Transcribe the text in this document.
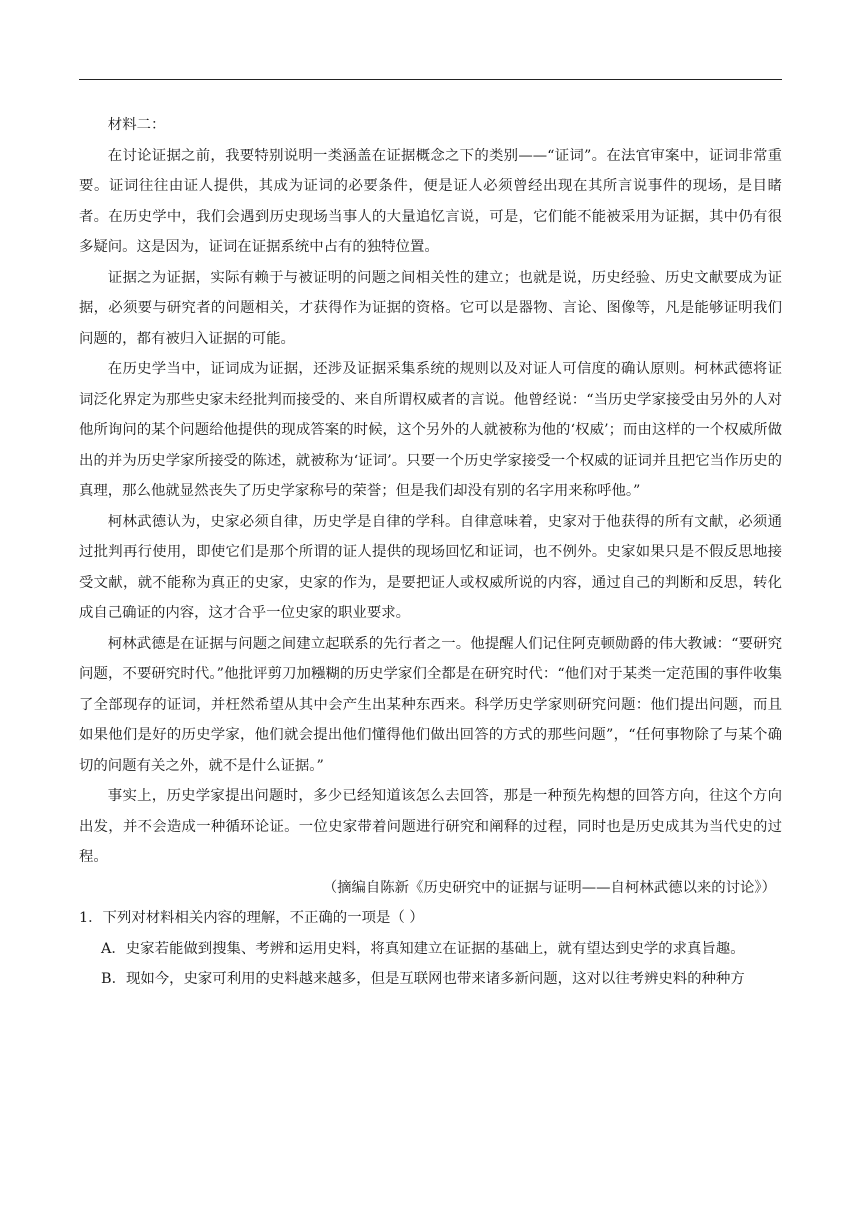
材料二：

在讨论证据之前，我要特别说明一类涵盖在证据概念之下的类别——“证词”。在法官审案中，证词非常重要。证词往往由证人提供，其成为证词的必要条件，便是证人必须曾经出现在其所言说事件的现场，是目睹者。在历史学中，我们会遇到历史现场当事人的大量追忆言说，可是，它们能不能被采用为证据，其中仍有很多疑问。这是因为，证词在证据系统中占有的独特位置。

证据之为证据，实际有赖于与被证明的问题之间相关性的建立；也就是说，历史经验、历史文献要成为证据，必须要与研究者的问题相关，才获得作为证据的资格。它可以是器物、言论、图像等，凡是能够证明我们问题的，都有被归入证据的可能。

在历史学当中，证词成为证据，还涉及证据采集系统的规则以及对证人可信度的确认原则。柯林武德将证词泛化界定为那些史家未经批判而接受的、来自所谓权威者的言说。他曾经说：“当历史学家接受由另外的人对他所询问的某个问题给他提供的现成答案的时候，这个另外的人就被称为他的‘权威’；而由这样的一个权威所做出的并为历史学家所接受的陈述，就被称为‘证词’。只要一个历史学家接受一个权威的证词并且把它当作历史的真理，那么他就显然丧失了历史学家称号的荣誉；但是我们却没有别的名字用来称呼他。”

柯林武德认为，史家必须自律，历史学是自律的学科。自律意味着，史家对于他获得的所有文献，必须通过批判再行使用，即使它们是那个所谓的证人提供的现场回忆和证词，也不例外。史家如果只是不假反思地接受文献，就不能称为真正的史家，史家的作为，是要把证人或权威所说的内容，通过自己的判断和反思，转化成自己确证的内容，这才合乎一位史家的职业要求。

柯林武德是在证据与问题之间建立起联系的先行者之一。他提醒人们记住阿克顿勋爵的伟大教诫：“要研究问题，不要研究时代。”他批评剪刀加糨糊的历史学家们全都是在研究时代：“他们对于某类一定范围的事件收集了全部现存的证词，并枉然希望从其中会产生出某种东西来。科学历史学家则研究问题：他们提出问题，而且如果他们是好的历史学家，他们就会提出他们懂得他们做出回答的方式的那些问题”，“任何事物除了与某个确切的问题有关之外，就不是什么证据。”

事实上，历史学家提出问题时，多少已经知道该怎么去回答，那是一种预先构想的回答方向，往这个方向出发，并不会造成一种循环论证。一位史家带着问题进行研究和阐释的过程，同时也是历史成其为当代史的过程。

（摘编自陈新《历史研究中的证据与证明——自柯林武德以来的讨论》）

1．下列对材料相关内容的理解，不正确的一项是（ ）

A．史家若能做到搜集、考辨和运用史料，将真知建立在证据的基础上，就有望达到史学的求真旨趣。

B．现如今，史家可利用的史料越来越多，但是互联网也带来诸多新问题，这对以往考辨史料的种种方
